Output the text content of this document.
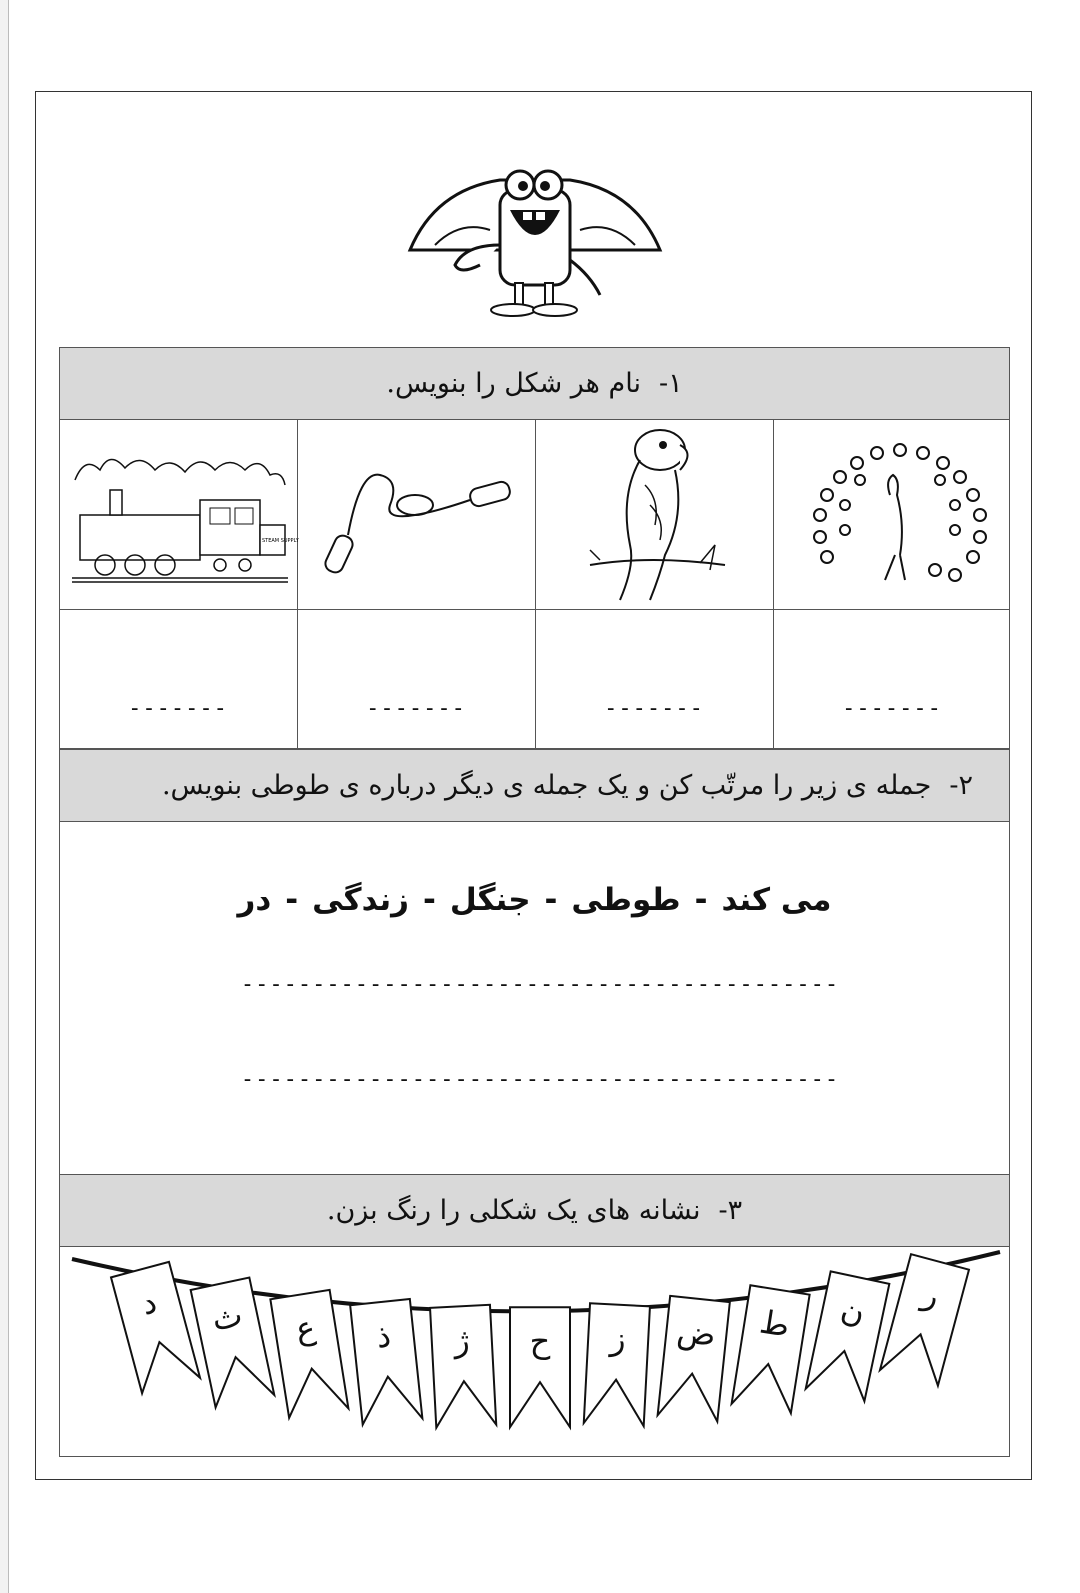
۱-
نام هر شکل را بنویس.
STEAM SUPPLY
-------	-------	-------	-------
۲-
جمله ی زیر را مرتّب کن و یک جمله ی دیگر درباره ی طوطی بنویس.
می کند-طوطی-جنگل-زندگی-در
------------------------------------------
------------------------------------------
۳-
نشانه های یک شکلی را رنگ بزن.
ر
ن
ط
ض
ز
ح
ژ
ذ
ع
ث
د
